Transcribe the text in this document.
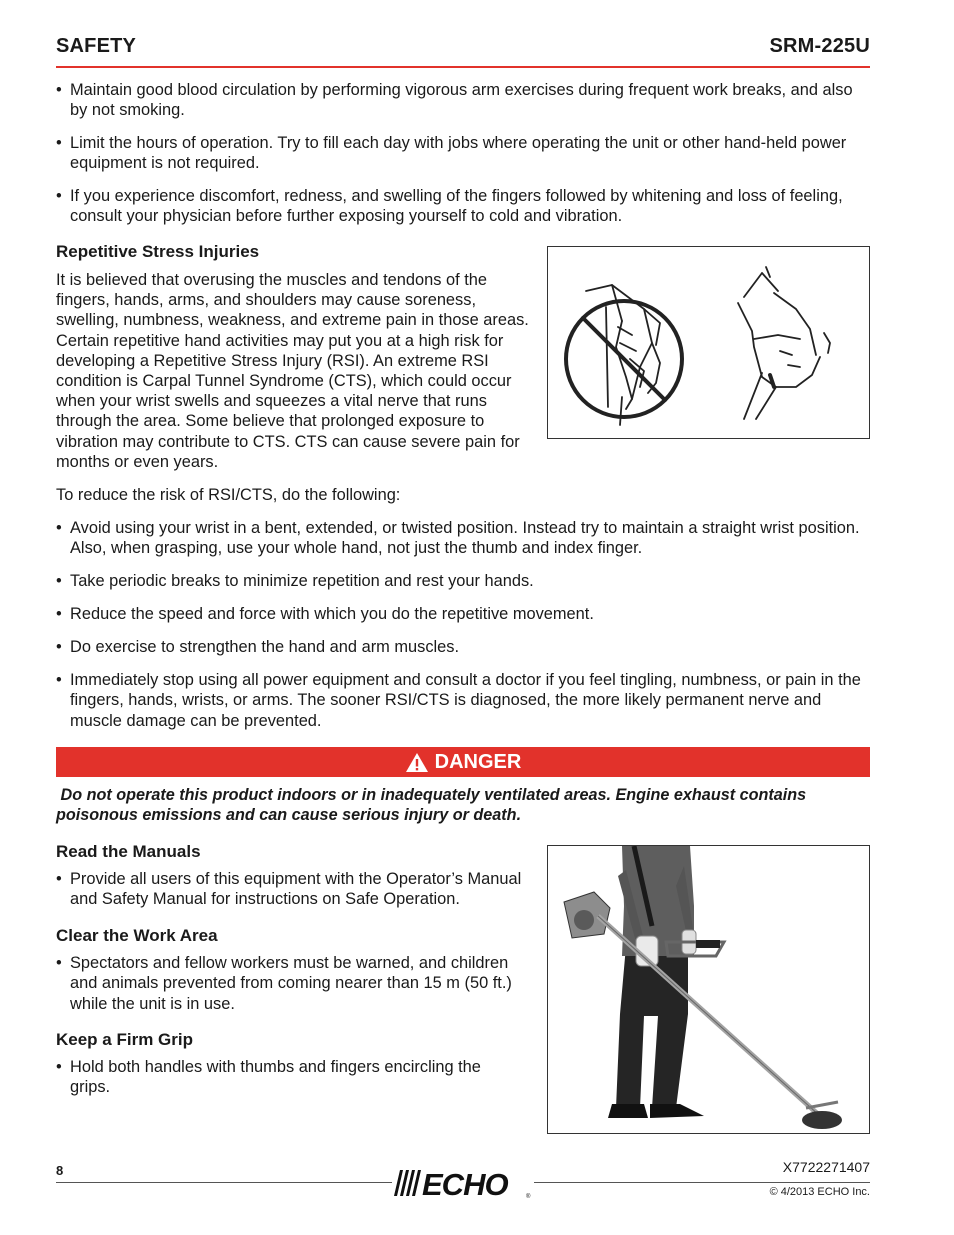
SAFETY	SRM-225U
• Maintain good blood circulation by performing vigorous arm exercises during frequent work breaks, and also by not smoking.
• Limit the hours of operation. Try to fill each day with jobs where operating the unit or other hand-held power equipment is not required.
• If you experience discomfort, redness, and swelling of the fingers followed by whitening and loss of feeling, consult your physician before further exposing yourself to cold and vibration.
Repetitive Stress Injuries
It is believed that overusing the muscles and tendons of the fingers, hands, arms, and shoulders may cause soreness, swelling, numbness, weakness, and extreme pain in those areas. Certain repetitive hand activities may put you at a high risk for developing a Repetitive Stress Injury (RSI). An extreme RSI condition is Carpal Tunnel Syndrome (CTS), which could occur when your wrist swells and squeezes a vital nerve that runs through the area. Some believe that prolonged exposure to vibration may contribute to CTS. CTS can cause severe pain for months or even years.
To reduce the risk of RSI/CTS, do the following:
• Avoid using your wrist in a bent, extended, or twisted position. Instead try to maintain a straight wrist position. Also, when grasping, use your whole hand, not just the thumb and index finger.
• Take periodic breaks to minimize repetition and rest your hands.
• Reduce the speed and force with which you do the repetitive movement.
• Do exercise to strengthen the hand and arm muscles.
• Immediately stop using all power equipment and consult a doctor if you feel tingling, numbness, or pain in the fingers, hands, wrists, or arms. The sooner RSI/CTS is diagnosed, the more likely permanent nerve and muscle damage can be prevented.
DANGER
Do not operate this product indoors or in inadequately ventilated areas. Engine exhaust contains poisonous emissions and can cause serious injury or death.
Read the Manuals
• Provide all users of this equipment with the Operator’s Manual and Safety Manual for instructions on Safe Operation.
Clear the Work Area
• Spectators and fellow workers must be warned, and children and animals prevented from coming nearer than 15 m (50 ft.) while the unit is in use.
Keep a Firm Grip
• Hold both handles with thumbs and fingers encircling the grips.
8	ECHO	®
X7722271407
© 4/2013 ECHO Inc.
